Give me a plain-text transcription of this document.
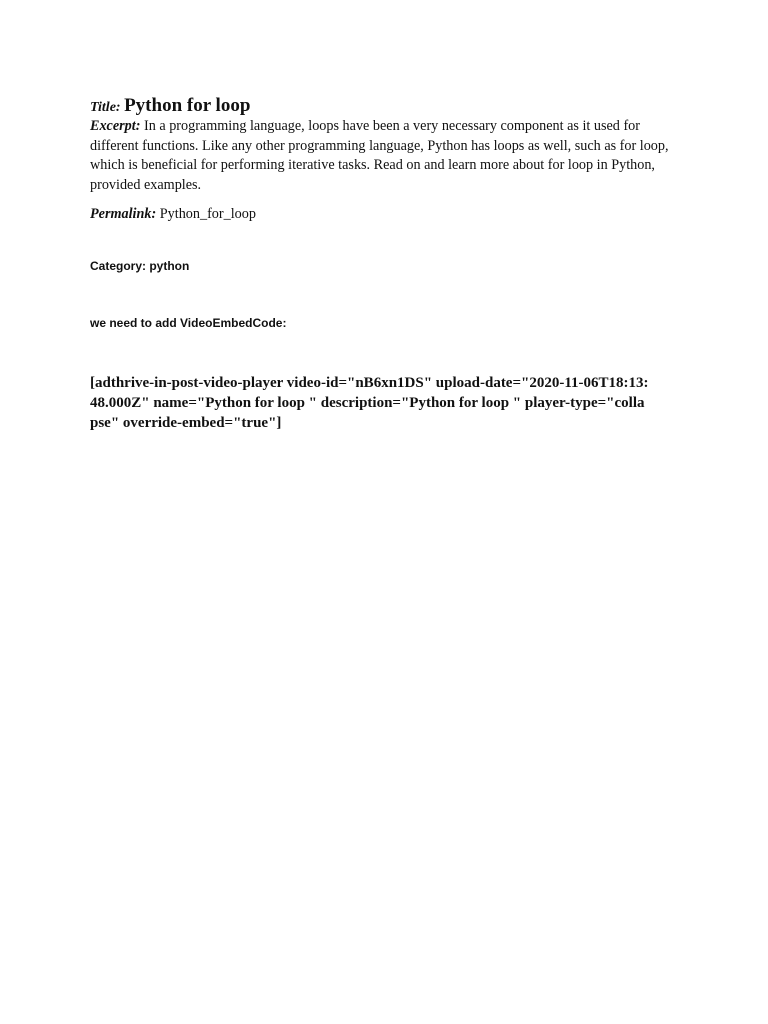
Title: Python for loop

Excerpt: In a programming language, loops have been a very necessary component as it used for different functions. Like any other programming language, Python has loops as well, such as for loop, which is beneficial for performing iterative tasks. Read on and learn more about for loop in Python, provided examples.

Permalink: Python_for_loop

Category: python

we need to add VideoEmbedCode:

[adthrive-in-post-video-player video-id="nB6xn1DS" upload-date="2020-11-06T18:13:48.000Z" name="Python for loop " description="Python for loop " player-type="collapse" override-embed="true"]
